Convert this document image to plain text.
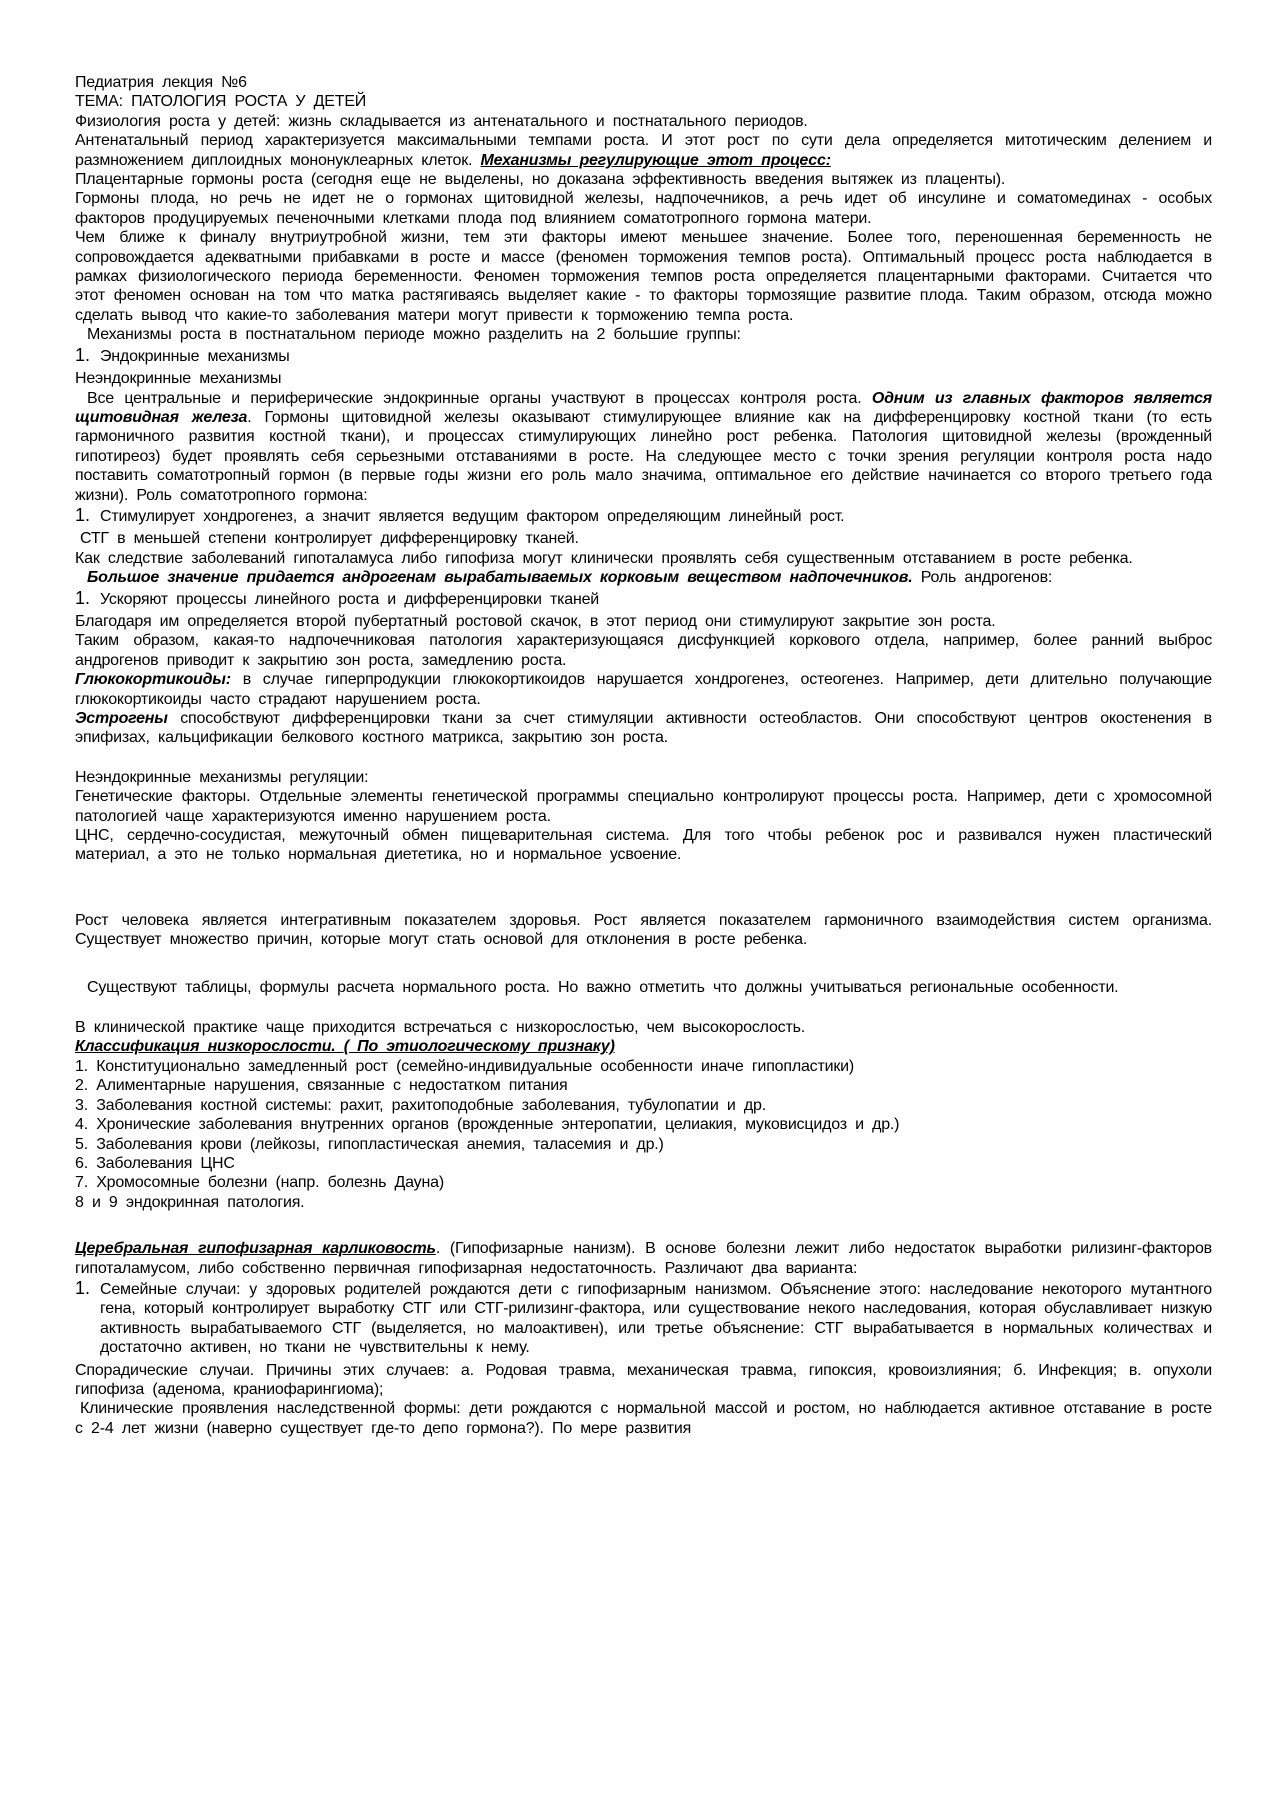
Педиатрия лекция №6
ТЕМА: ПАТОЛОГИЯ РОСТА У ДЕТЕЙ
Физиология роста у детей: жизнь складывается из антенатального и постнатального периодов.
Антенатальный период характеризуется максимальными темпами роста. И этот рост по сути дела определяется митотическим делением и размножением диплоидных мононуклеарных клеток. Механизмы регулирующие этот процесс:
Плацентарные гормоны роста (сегодня еще не выделены, но доказана эффективность введения вытяжек из плаценты).
Гормоны плода, но речь не идет не о гормонах щитовидной железы, надпочечников, а речь идет об инсулине и соматомединах - особых факторов продуцируемых печеночными клетками плода под влиянием соматотропного гормона матери.
Чем ближе к финалу внутриутробной жизни, тем эти факторы имеют меньшее значение. Более того, переношенная беременность не сопровождается адекватными прибавками в росте и массе (феномен торможения темпов роста). Оптимальный процесс роста наблюдается в рамках физиологического периода беременности. Феномен торможения темпов роста определяется плацентарными факторами. Считается что этот феномен основан на том что матка растягиваясь выделяет какие - то факторы тормозящие развитие плода. Таким образом, отсюда можно сделать вывод что какие-то заболевания матери могут привести к торможению темпа роста.
Механизмы роста в постнатальном периоде можно разделить на 2 большие группы:
1. Эндокринные механизмы
Неэндокринные механизмы
Все центральные и периферические эндокринные органы участвуют в процессах контроля роста. Одним из главных факторов является щитовидная железа. Гормоны щитовидной железы оказывают стимулирующее влияние как на дифференцировку костной ткани (то есть гармоничного развития костной ткани), и процессах стимулирующих линейно рост ребенка. Патология щитовидной железы (врожденный гипотиреоз) будет проявлять себя серьезными отставаниями в росте. На следующее место с точки зрения регуляции контроля роста надо поставить соматотропный гормон (в первые годы жизни его роль мало значима, оптимальное его действие начинается со второго третьего года жизни). Роль соматотропного гормона:
1. Стимулирует хондрогенез, а значит является ведущим фактором определяющим линейный рост.
СТГ в меньшей степени контролирует дифференцировку тканей.
Как следствие заболеваний гипоталамуса либо гипофиза могут клинически проявлять себя существенным отставанием в росте ребенка.
Большое значение придается андрогенам вырабатываемых корковым веществом надпочечников. Роль андрогенов:
1. Ускоряют процессы линейного роста и дифференцировки тканей
Благодаря им определяется второй пубертатный ростовой скачок, в этот период они стимулируют закрытие зон роста.
Таким образом, какая-то надпочечниковая патология характеризующаяся дисфункцией коркового отдела, например, более ранний выброс андрогенов приводит к закрытию зон роста, замедлению роста.
Глюкокортикоиды: в случае гиперпродукции глюкокортикоидов нарушается хондрогенез, остеогенез. Например, дети длительно получающие глюкокортикоиды часто страдают нарушением роста.
Эстрогены способствуют дифференцировки ткани за счет стимуляции активности остеобластов. Они способствуют центров окостенения в эпифизах, кальцификации белкового костного матрикса, закрытию зон роста.
Неэндокринные механизмы регуляции:
Генетические факторы. Отдельные элементы генетической программы специально контролируют процессы роста. Например, дети с хромосомной патологией чаще характеризуются именно нарушением роста.
ЦНС, сердечно-сосудистая, межуточный обмен пищеварительная система. Для того чтобы ребенок рос и развивался нужен пластический материал, а это не только нормальная диететика, но и нормальное усвоение.
Рост человека является интегративным показателем здоровья. Рост является показателем гармоничного взаимодействия систем организма. Существует множество причин, которые могут стать основой для отклонения в росте ребенка.
Существуют таблицы, формулы расчета нормального роста. Но важно отметить что должны учитываться региональные особенности.
В клинической практике чаще приходится встречаться с низкорослостью, чем высокорослость.
Классификация низкорослости. ( По этиологическому признаку)
1. Конституционально замедленный рост (семейно-индивидуальные особенности иначе гипопластики)
2. Алиментарные нарушения, связанные с недостатком питания
3. Заболевания костной системы: рахит, рахитоподобные заболевания, тубулопатии и др.
4. Хронические заболевания внутренних органов (врожденные энтеропатии, целиакия, муковисцидоз и др.)
5. Заболевания крови (лейкозы, гипопластическая анемия, таласемия и др.)
6. Заболевания ЦНС
7. Хромосомные болезни (напр. болезнь Дауна)
8 и 9 эндокринная патология.
Церебральная гипофизарная карликовость. (Гипофизарные нанизм). В основе болезни лежит либо недостаток выработки рилизинг-факторов гипоталамусом, либо собственно первичная гипофизарная недостаточность. Различают два варианта:
1. Семейные случаи: у здоровых родителей рождаются дети с гипофизарным нанизмом. Объяснение этого: наследование некоторого мутантного гена, который контролирует выработку СТГ или СТГ-рилизинг-фактора, или существование некого наследования, которая обуславливает низкую активность вырабатываемого СТГ (выделяется, но малоактивен), или третье объяснение: СТГ вырабатывается в нормальных количествах и достаточно активен, но ткани не чувствительны к нему.
Спорадические случаи. Причины этих случаев: а. Родовая травма, механическая травма, гипоксия, кровоизлияния; б. Инфекция; в. опухоли гипофиза (аденома, краниофарингиома);
Клинические проявления наследственной формы: дети рождаются с нормальной массой и ростом, но наблюдается активное отставание в росте с 2-4 лет жизни (наверно существует где-то депо гормона?). По мере развития
